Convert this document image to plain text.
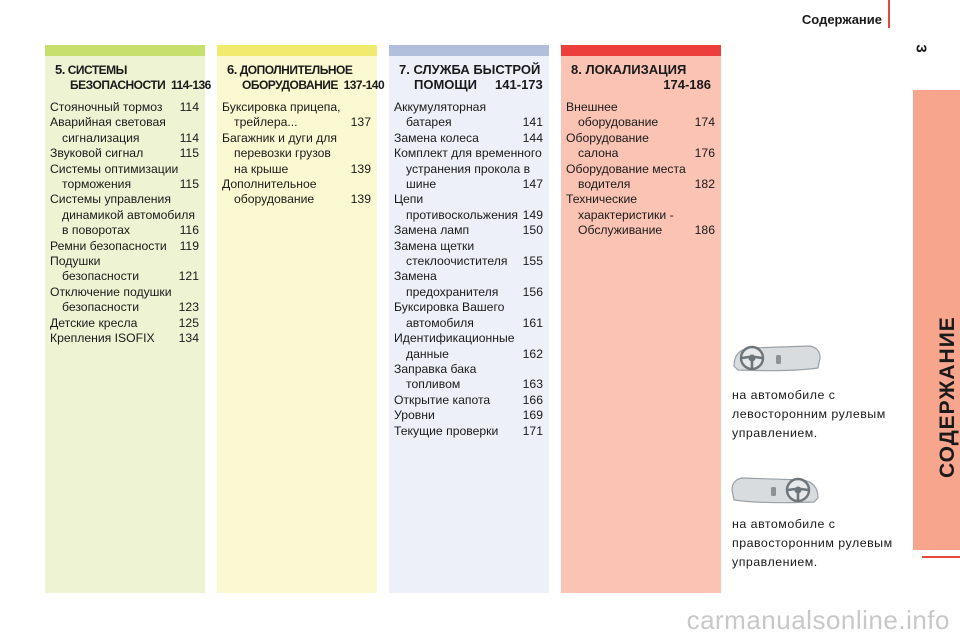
Содержание
3
СОДЕРЖАНИЕ
5. СИСТЕМЫ
БЕЗОПАСНОСТИ  114-136
Стояночный тормоз	114
Аварийная световая
сигнализация	114
Звуковой сигнал	115
Системы оптимизации
торможения	115
Системы управления
динамикой автомобиля
в поворотах	116
Ремни безопасности	119
Подушки
безопасности	121
Отключение подушки
безопасности	123
Детские кресла	125
Крепления ISOFIX	134
6. ДОПОЛНИТЕЛЬНОЕ
ОБОРУДОВАНИЕ  137-140
Буксировка прицепа,
трейлера...	137
Багажник и дуги для
перевозки грузов
на крыше	139
Дополнительное
оборудование	139
7. СЛУЖБА БЫСТРОЙ
ПОМОЩИ     141-173
Аккумуляторная
батарея	141
Замена колеса	144
Комплект для временного
устранения прокола в
шине	147
Цепи
противоскольжения 149
Замена ламп	150
Замена щетки
стеклоочистителя	155
Замена
предохранителя	156
Буксировка Вашего
автомобиля	161
Идентификационные
данные	162
Заправка бака
топливом	163
Открытие капота	166
Уровни	169
Текущие проверки	171
8. ЛОКАЛИЗАЦИЯ
174-186
Внешнее
оборудование	174
Оборудование
салона	176
Оборудование места
водителя	182
Технические
характеристики -
Обслуживание	186
на автомобиле с левосторонним рулевым управлением.
на автомобиле с правосторонним рулевым управлением.
carmanualsonline.info
